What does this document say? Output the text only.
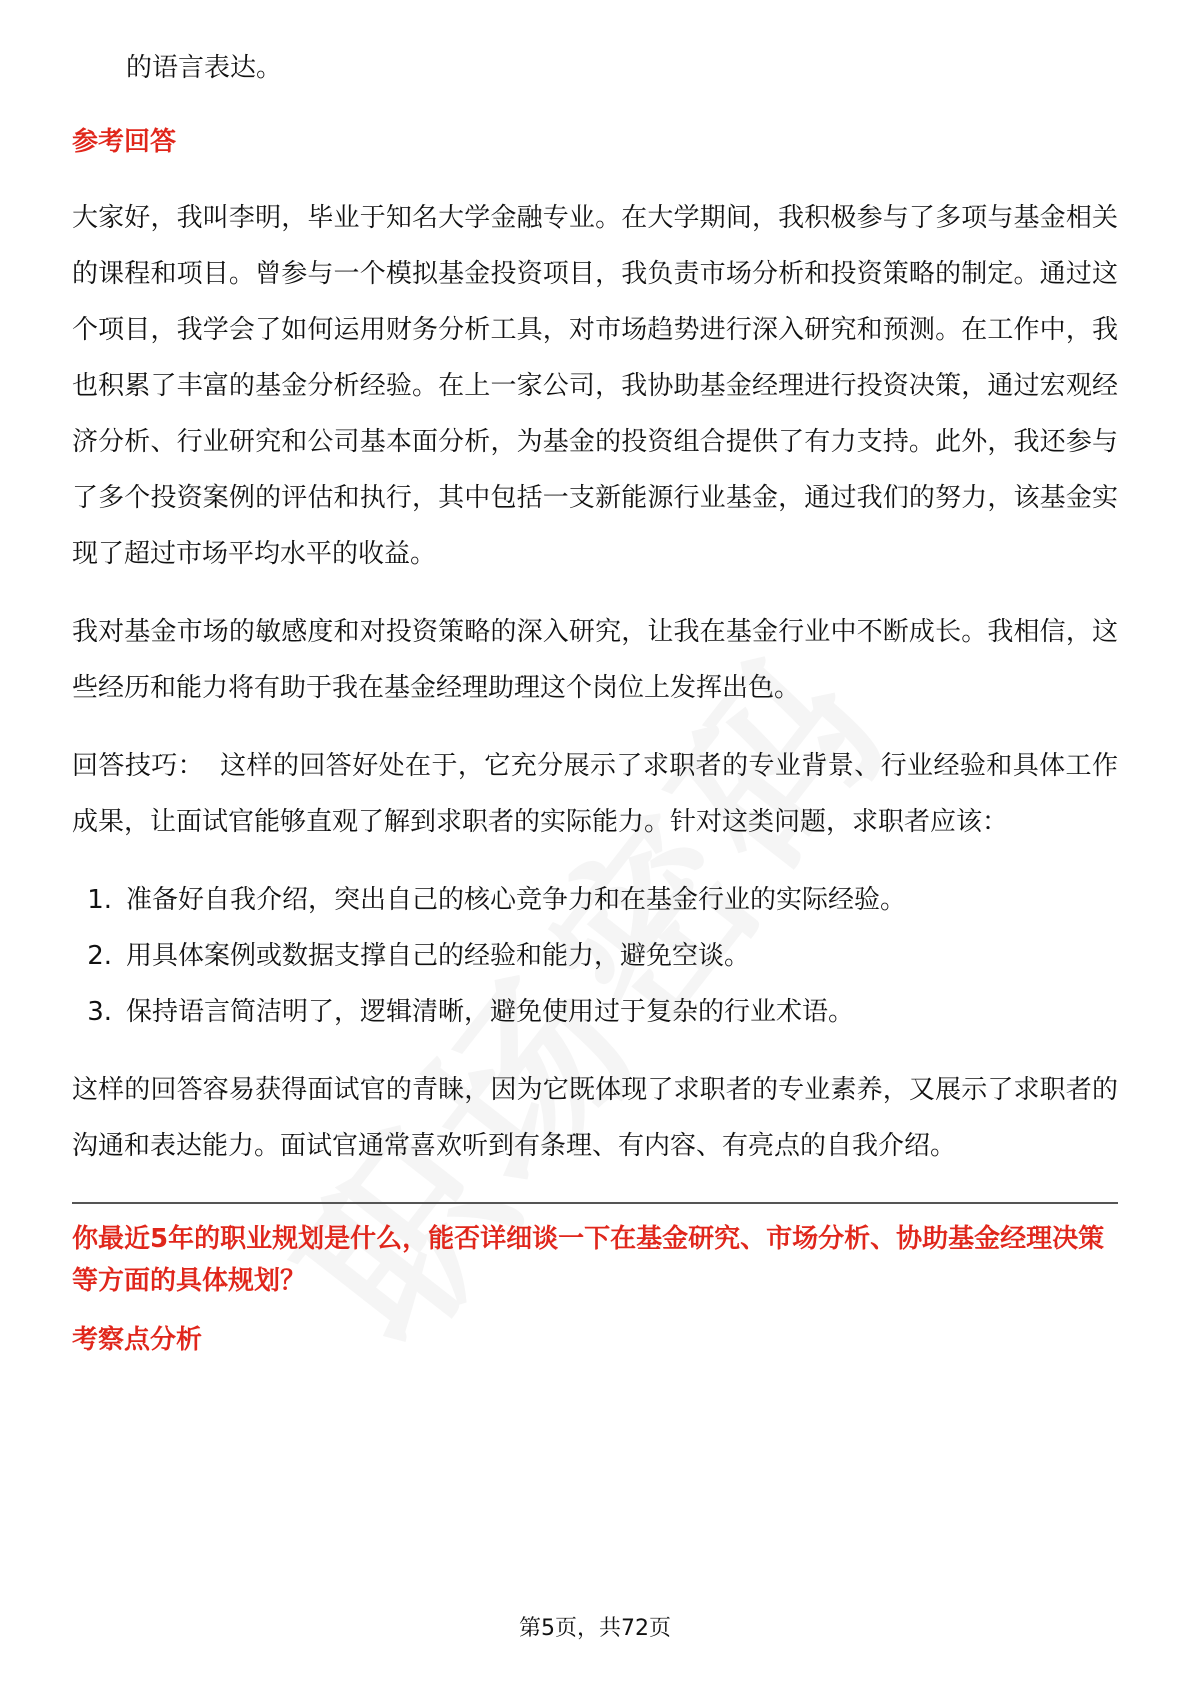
的语言表达。

参考回答

大家好，我叫李明，毕业于知名大学金融专业。在大学期间，我积极参与了多项与基金相关的课程和项目。曾参与一个模拟基金投资项目，我负责市场分析和投资策略的制定。通过这个项目，我学会了如何运用财务分析工具，对市场趋势进行深入研究和预测。在工作中，我也积累了丰富的基金分析经验。在上一家公司，我协助基金经理进行投资决策，通过宏观经济分析、行业研究和公司基本面分析，为基金的投资组合提供了有力支持。此外，我还参与了多个投资案例的评估和执行，其中包括一支新能源行业基金，通过我们的努力，该基金实现了超过市场平均水平的收益。

我对基金市场的敏感度和对投资策略的深入研究，让我在基金行业中不断成长。我相信，这些经历和能力将有助于我在基金经理助理这个岗位上发挥出色。

回答技巧： 这样的回答好处在于，它充分展示了求职者的专业背景、行业经验和具体工作成果，让面试官能够直观了解到求职者的实际能力。针对这类问题，求职者应该：

1. 准备好自我介绍，突出自己的核心竞争力和在基金行业的实际经验。
2. 用具体案例或数据支撑自己的经验和能力，避免空谈。
3. 保持语言简洁明了，逻辑清晰，避免使用过于复杂的行业术语。

这样的回答容易获得面试官的青睐，因为它既体现了求职者的专业素养，又展示了求职者的沟通和表达能力。面试官通常喜欢听到有条理、有内容、有亮点的自我介绍。

你最近5年的职业规划是什么，能否详细谈一下在基金研究、市场分析、协助基金经理决策等方面的具体规划？
考察点分析
第5页，共72页
